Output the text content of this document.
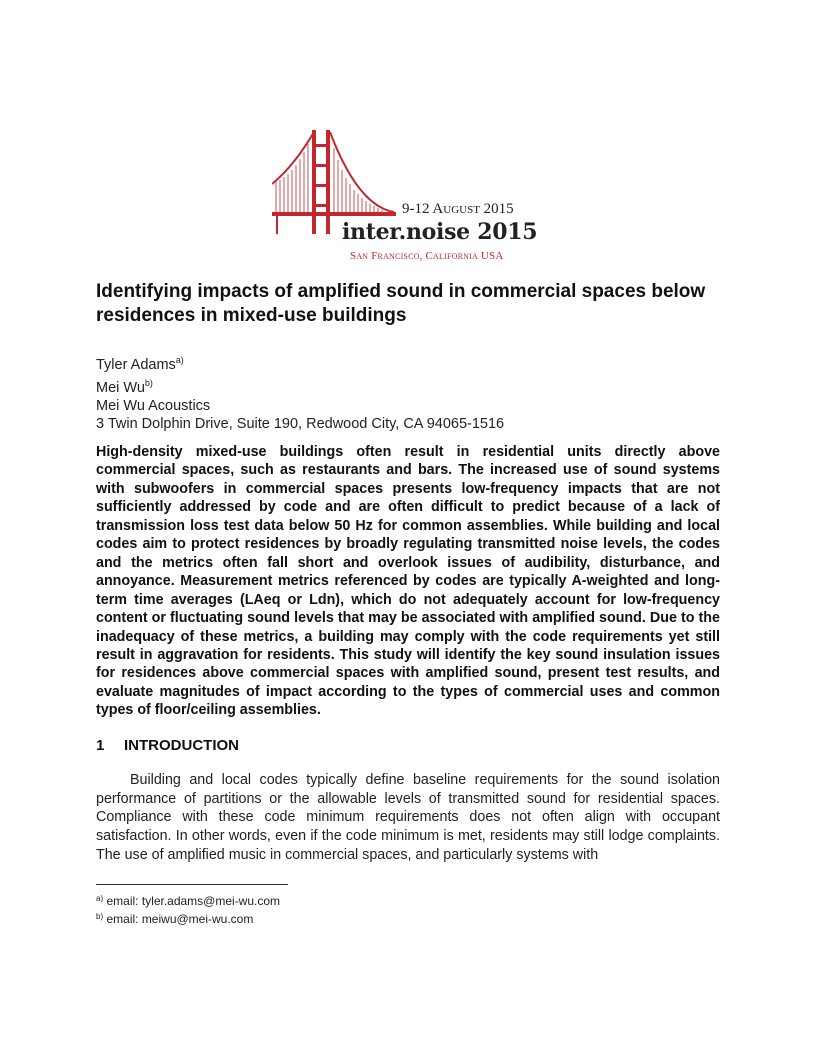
9-12 August 2015
inter.noise 2015
San Francisco, California USA
Identifying impacts of amplified sound in commercial spaces below residences in mixed-use buildings
Tyler Adams$^{a)}$
Mei Wu$^{b)}$
Mei Wu Acoustics
3 Twin Dolphin Drive, Suite 190, Redwood City, CA 94065-1516

High-density mixed-use buildings often result in residential units directly above commercial spaces, such as restaurants and bars. The increased use of sound systems with subwoofers in commercial spaces presents low-frequency impacts that are not sufficiently addressed by code and are often difficult to predict because of a lack of transmission loss test data below 50 Hz for common assemblies. While building and local codes aim to protect residences by broadly regulating transmitted noise levels, the codes and the metrics often fall short and overlook issues of audibility, disturbance, and annoyance. Measurement metrics referenced by codes are typically A-weighted and long-term time averages (LAeq or Ldn), which do not adequately account for low-frequency content or fluctuating sound levels that may be associated with amplified sound. Due to the inadequacy of these metrics, a building may comply with the code requirements yet still result in aggravation for residents. This study will identify the key sound insulation issues for residences above commercial spaces with amplified sound, present test results, and evaluate magnitudes of impact according to the types of commercial uses and common types of floor/ceiling assemblies.

1 INTRODUCTION

Building and local codes typically define baseline requirements for the sound isolation performance of partitions or the allowable levels of transmitted sound for residential spaces. Compliance with these code minimum requirements does not often align with occupant satisfaction. In other words, even if the code minimum is met, residents may still lodge complaints. The use of amplified music in commercial spaces, and particularly systems with

$^{a)}$ email: tyler.adams@mei-wu.com
$^{b)}$ email: meiwu@mei-wu.com
